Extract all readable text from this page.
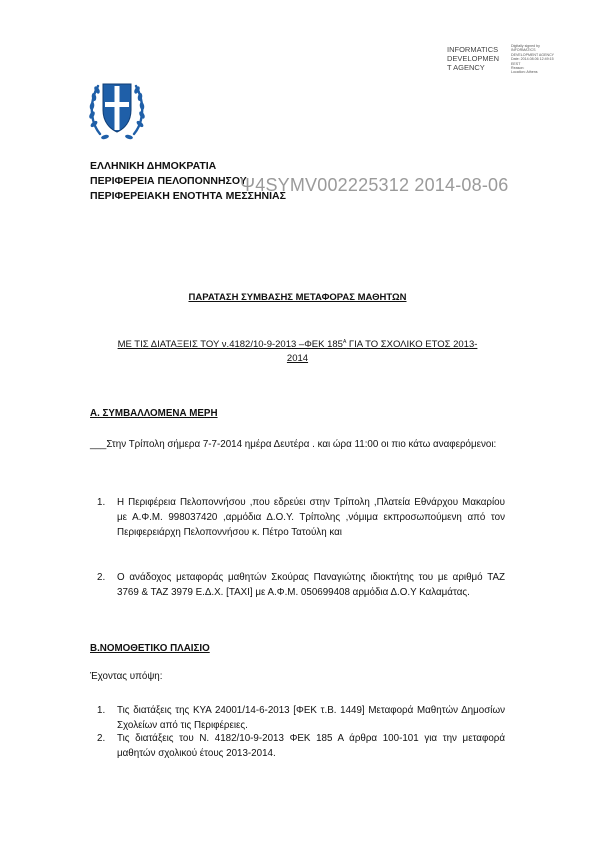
INFORMATICS
DEVELOPMEN
T AGENCY
Digitally signed by
INFORMATICS
DEVELOPMENT AGENCY
Date: 2014.08.06 12:49:15
EEST
Reason:
Location: Athens
ΕΛΛΗΝΙΚΗ ΔΗΜΟΚΡΑΤΙΑ
ΠΕΡΙΦΕΡΕΙΑ ΠΕΛΟΠΟΝΝΗΣΟΥ
ΠΕΡΙΦΕΡΕΙΑΚΗ ΕΝΟΤΗΤΑ ΜΕΣΣΗΝΙΑΣ
Ψ4SYMV002225312 2014-08-06
ΠΑΡΑΤΑΣΗ ΣΥΜΒΑΣΗΣ ΜΕΤΑΦΟΡΑΣ ΜΑΘΗΤΩΝ
ΜΕ ΤΙΣ ΔΙΑΤΑΞΕΙΣ ΤΟΥ ν.4182/10-9-2013 –ΦΕΚ $185^A$ ΓΙΑ ΤΟ ΣΧΟΛΙΚΟ ΕΤΟΣ 2013-
2014
Α. ΣΥΜΒΑΛΛΟΜΕΝΑ ΜΕΡΗ
___Στην Τρίπολη σήμερα 7-7-2014 ημέρα Δευτέρα . και ώρα 11:00 οι πιο κάτω αναφερόμενοι:
1. Η Περιφέρεια Πελοποννήσου ,που εδρεύει στην Τρίπολη ,Πλατεία Εθνάρχου Μακαρίου με Α.Φ.Μ. 998037420 ,αρμόδια Δ.Ο.Υ. Τρίπολης ,νόμιμα εκπροσωπούμενη από τον Περιφερειάρχη Πελοποννήσου κ. Πέτρο Τατούλη και
2. Ο ανάδοχος μεταφοράς μαθητών Σκούρας Παναγιώτης ιδιοκτήτης του με αριθμό ΤΑΖ 3769 & ΤΑΖ 3979 Ε.Δ.Χ. [ΤΑΧΙ] με Α.Φ.Μ. 050699408 αρμόδια Δ.Ο.Υ Καλαμάτας.
Β.ΝΟΜΟΘΕΤΙΚΟ ΠΛΑΙΣΙΟ
Έχοντας υπόψη:
1. Τις διατάξεις της ΚΥΑ 24001/14-6-2013 [ΦΕΚ τ.Β. 1449] Μεταφορά Μαθητών Δημοσίων Σχολείων από τις Περιφέρειες.
2. Τις διατάξεις του Ν. 4182/10-9-2013 ΦΕΚ 185 Α άρθρα 100-101 για την μεταφορά μαθητών σχολικού έτους 2013-2014.
